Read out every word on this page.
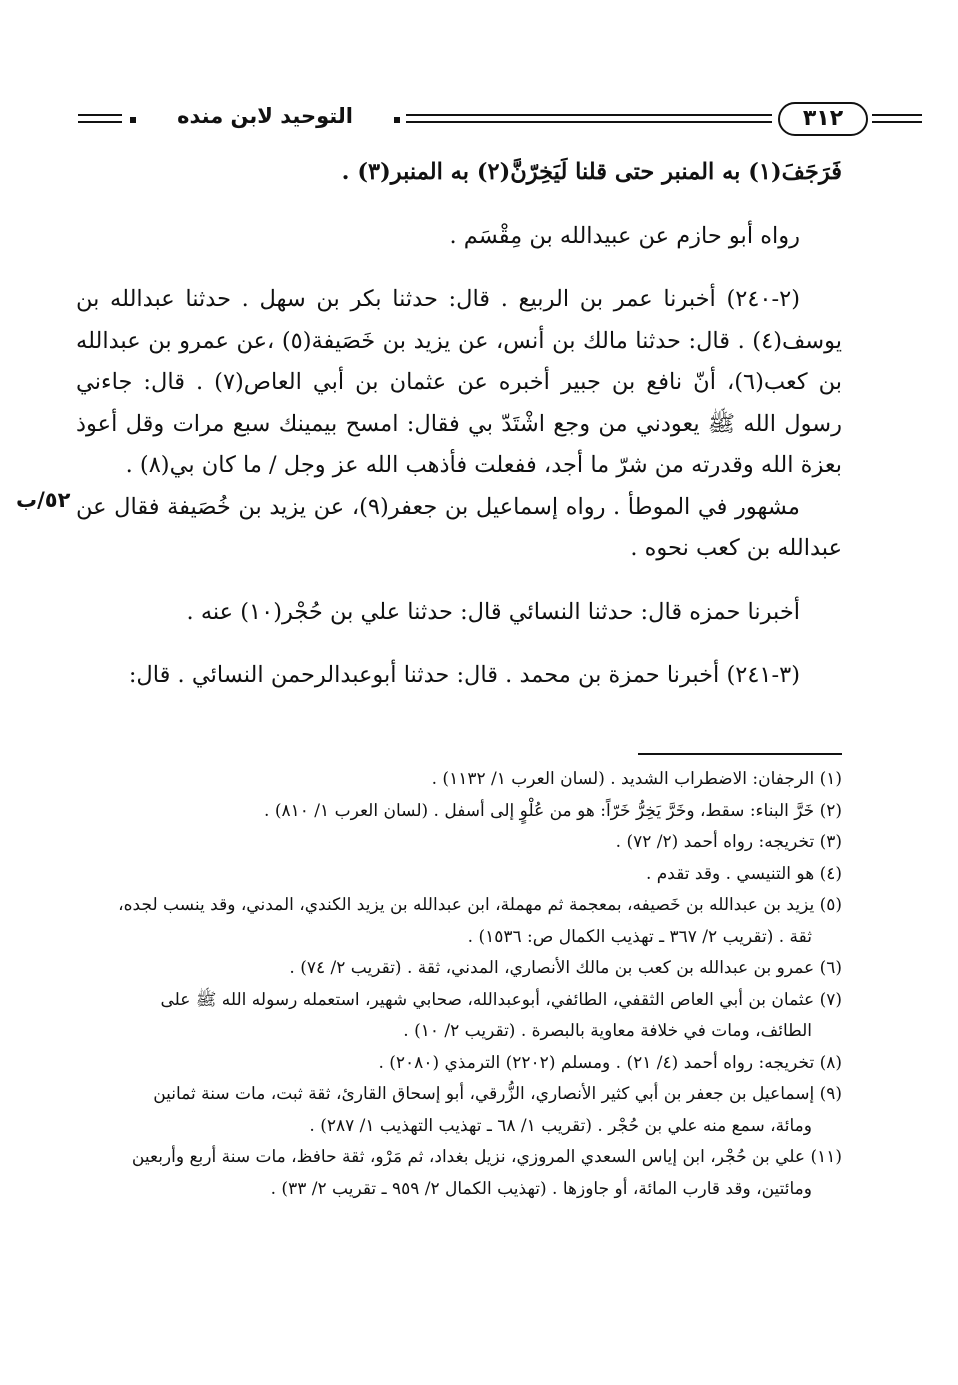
التوحيد لابن منده	٣١٢
٥٢/ب

فَرَجَفَ(١) به المنبر حتى قلنا لَيَخِرّنَّ(٢) به المنبر(٣) .

رواه أبو حازم عن عبيدالله بن مِقْسَم .

(٢-٢٤٠) أخبرنا عمر بن الربيع . قال: حدثنا بكر بن سهل . حدثنا عبدالله بن يوسف(٤) . قال: حدثنا مالك بن أنس، عن يزيد بن خَصَيفة(٥) ،عن عمرو بن عبدالله بن كعب(٦)، أنّ نافع بن جبير أخبره عن عثمان بن أبي العاص(٧) . قال: جاءني رسول الله ﷺ يعودني من وجع اشْتَدّ بي فقال: امسح بيمينك سبع مرات وقل أعوذ بعزة الله وقدرته من شرّ ما أجد، ففعلت فأذهب الله عز وجل / ما كان بي(٨) .

مشهور في الموطأ . رواه إسماعيل بن جعفر(٩)، عن يزيد بن خُصَيفة فقال عن عبدالله بن كعب نحوه .

أخبرنا حمزه قال: حدثنا النسائي قال: حدثنا علي بن حُجْر(١٠) عنه .

(٣-٢٤١) أخبرنا حمزة بن محمد . قال: حدثنا أبوعبدالرحمن النسائي . قال:

(١) الرجفان: الاضطراب الشديد . (لسان العرب ١/ ١١٣٢) .

(٢) خَرَّ البناء: سقط، وخَرَّ يَخِرُّ خَرّاً: هو من عُلْوٍ إلى أسفل . (لسان العرب ١/ ٨١٠) .

(٣) تخريجه: رواه أحمد (٢/ ٧٢) .

(٤) هو التنيسي . وقد تقدم .

(٥) يزيد بن عبدالله بن خَصيفه، بمعجمة ثم مهملة، ابن عبدالله بن يزيد الكندي، المدني، وقد ينسب لجده،

ثقة . (تقريب ٢/ ٣٦٧ ـ تهذيب الكمال ص: ١٥٣٦) .

(٦) عمرو بن عبدالله بن كعب بن مالك الأنصاري، المدني، ثقة . (تقريب ٢/ ٧٤) .

(٧) عثمان بن أبي العاص الثقفي، الطائفي، أبوعبدالله، صحابي شهير، استعمله رسوله الله ﷺ على

الطائف، ومات في خلافة معاوية بالبصرة . (تقريب ٢/ ١٠) .

(٨) تخريجه: رواه أحمد (٤/ ٢١) . ومسلم (٢٢٠٢) الترمذي (٢٠٨٠) .

(٩) إسماعيل بن جعفر بن أبي كثير الأنصاري، الزُّرقي، أبو إسحاق القارئ، ثقة ثبت، مات سنة ثمانين

ومائة، سمع منه علي بن حُجْر . (تقريب ١/ ٦٨ ـ تهذيب التهذيب ١/ ٢٨٧) .

(١١) علي بن حُجْر، ابن إياس السعدي المروزي، نزيل بغداد، ثم مَرْو، ثقة حافظ، مات سنة أربع وأربعين

ومائتين، وقد قارب المائة، أو جاوزها . (تهذيب الكمال ٢/ ٩٥٩ ـ تقريب ٢/ ٣٣) .
